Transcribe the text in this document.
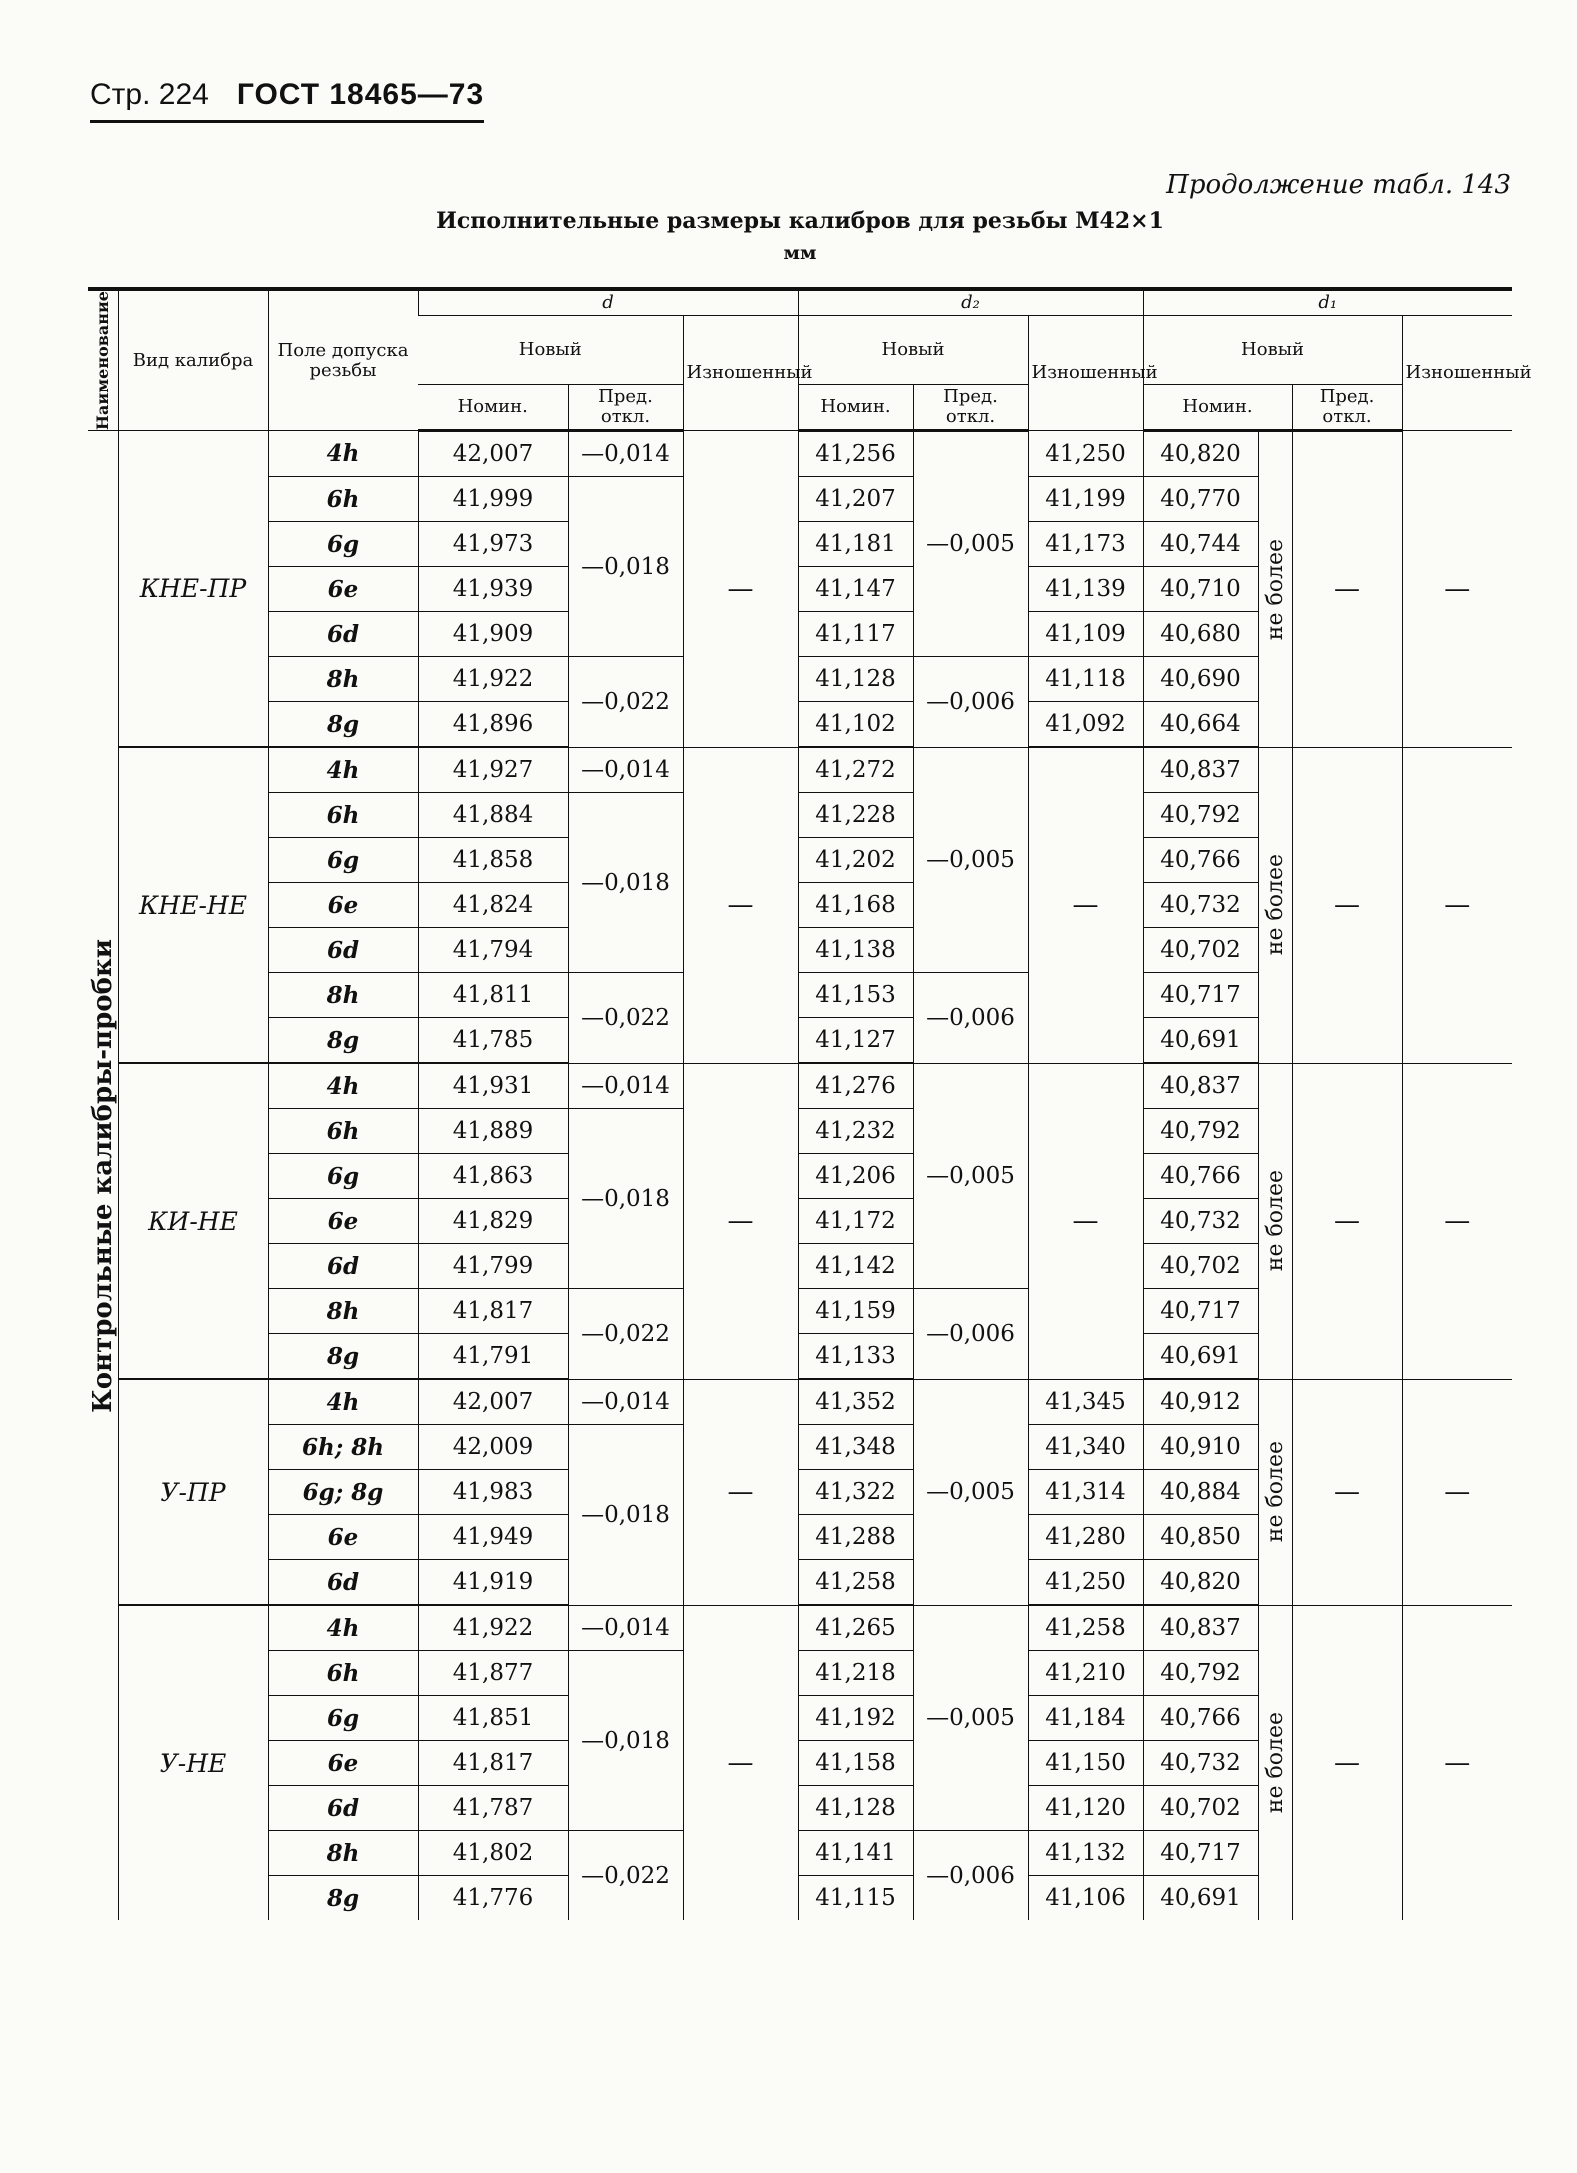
Стр. 224 ГОСТ 18465—73
Продолжение табл. 143
Исполнительные размеры калибров для резьбы М42×1
мм
Наименование	Вид калибра	Поле допуска резьбы	d			d₂			d₁			
			Новый		Изношенный	Новый		Изношенный	Новый			Изношенный
			Номин.	Пред. откл.		Номин.	Пред. откл.		Номин.		Пред. откл.	

Контрольные калибры-пробки	КНЕ-ПР	4h	42,007	—0,014	—	41,256	—0,005	41,250	40,820	не более	—	—
		6h	41,999	—0,018		41,207		41,199	40,770			
		6g	41,973			41,181		41,173	40,744			
		6e	41,939			41,147		41,139	40,710			
		6d	41,909			41,117		41,109	40,680			
		8h	41,922	—0,022		41,128	—0,006	41,118	40,690			
		8g	41,896			41,102		41,092	40,664			
	КНЕ-НЕ	4h	41,927	—0,014	—	41,272	—0,005	—	40,837	не более	—	—
		6h	41,884	—0,018		41,228			40,792			
		6g	41,858			41,202			40,766			
		6e	41,824			41,168			40,732			
		6d	41,794			41,138			40,702			
		8h	41,811	—0,022		41,153	—0,006		40,717			
		8g	41,785			41,127			40,691			
	КИ-НЕ	4h	41,931	—0,014	—	41,276	—0,005	—	40,837	не более	—	—
		6h	41,889	—0,018		41,232			40,792			
		6g	41,863			41,206			40,766			
		6e	41,829			41,172			40,732			
		6d	41,799			41,142			40,702			
		8h	41,817	—0,022		41,159	—0,006		40,717			
		8g	41,791			41,133			40,691			
	У-ПР	4h	42,007	—0,014	—	41,352	—0,005	41,345	40,912	не более	—	—
		6h; 8h	42,009	—0,018		41,348		41,340	40,910			
		6g; 8g	41,983			41,322		41,314	40,884			
		6e	41,949			41,288		41,280	40,850			
		6d	41,919			41,258		41,250	40,820			
	У-НЕ	4h	41,922	—0,014	—	41,265	—0,005	41,258	40,837	не более	—	—
		6h	41,877	—0,018		41,218		41,210	40,792			
		6g	41,851			41,192		41,184	40,766			
		6e	41,817			41,158		41,150	40,732			
		6d	41,787			41,128		41,120	40,702			
		8h	41,802	—0,022		41,141	—0,006	41,132	40,717			
		8g	41,776			41,115		41,106	40,691			
